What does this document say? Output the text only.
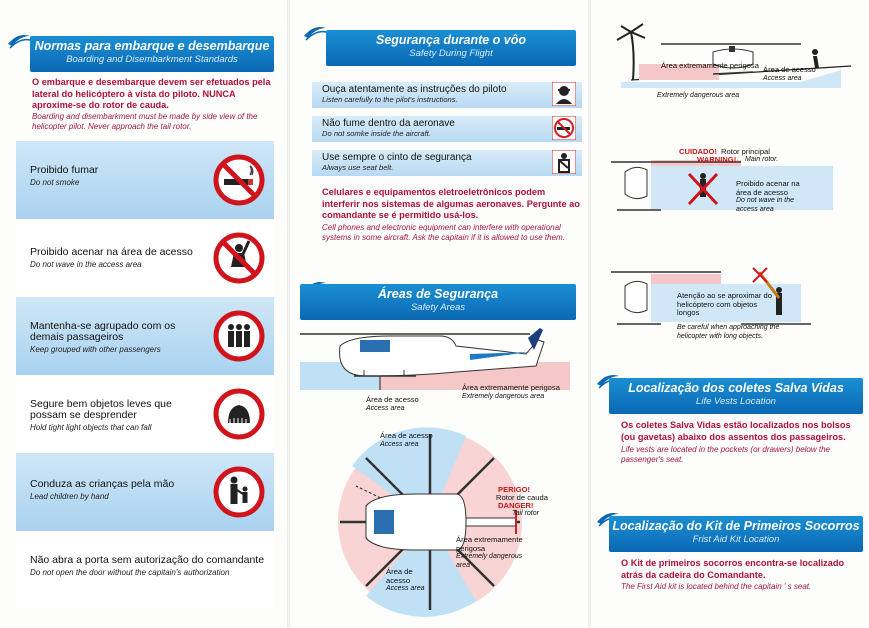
Normas para embarque e desembarque
Boarding and Disembarkment Standards
O embarque e desembarque devem ser efetuados pela lateral do helicóptero à vista do piloto. NUNCA aproxime-se do rotor de cauda.
Boarding and disembarkment must be made by side view of the helicopter pilot. Never approach the tail rotor.
Proibido fumar
Do not smoke
Proibido acenar na área de acesso
Do not wave in the access area
Mantenha-se agrupado com os demais passageiros
Keep grouped with other passengers
Segure bem objetos leves que possam se desprender
Hold tight light objects that can fall
Conduza as crianças pela mão
Lead children by hand
Não abra a porta sem autorização do comandante
Do not open the door without the capitain's authorization
Segurança durante o vôo
Safety During Flight
Ouça atentamente as instruções do piloto
Listen carefully to the pilot's instructions.
Não fume dentro da aeronave
Do not somke inside the aircraft.
Use sempre o cinto de segurança
Always use seat belt.
Celulares e equipamentos eletroeletrônicos podem interferir nos sistemas de algumas aeronaves. Pergunte ao comandante se é permitido usá-los.
Cell phones and electronic equipment can interfere with operational systems in some aircraft. Ask the capitain if it is allowed to use them.
Áreas de Segurança
Safety Areas
Área de acesso
Access area
Área extremamente perigosa
Extremely dangerous area
Área de acesso
Access area
PERIGO!
Rotor de cauda
DANGER!
Tail rotor
Área extremamente perigosa
Extremely dangerous area
Área de acesso
Access area
Área extremamente perigosa
Extremely dangerous area
Área de acesso
Access area
CUIDADO! Rotor principal
WARNING! Main rotor.
Proibido acenar na área de acesso
Do not wave in the access area
Atenção ao se aproximar do helicóptero com objetos longos
Be careful when approaching the helicopter with long objects.
Localização dos coletes Salva Vidas
Life Vests Location
Os coletes Salva Vidas estão localizados nos bolsos (ou gavetas) abaixo dos assentos dos passageiros.
Life vests are located in the pockets (or drawers) below the passenger's seat.
Localização do Kit de Primeiros Socorros
Frist Aid Kit Location
O Kit de primeiros socorros encontra-se localizado atrás da cadeira do Comandante.
The First Aid kit is located behind the capitain ' s seat.
